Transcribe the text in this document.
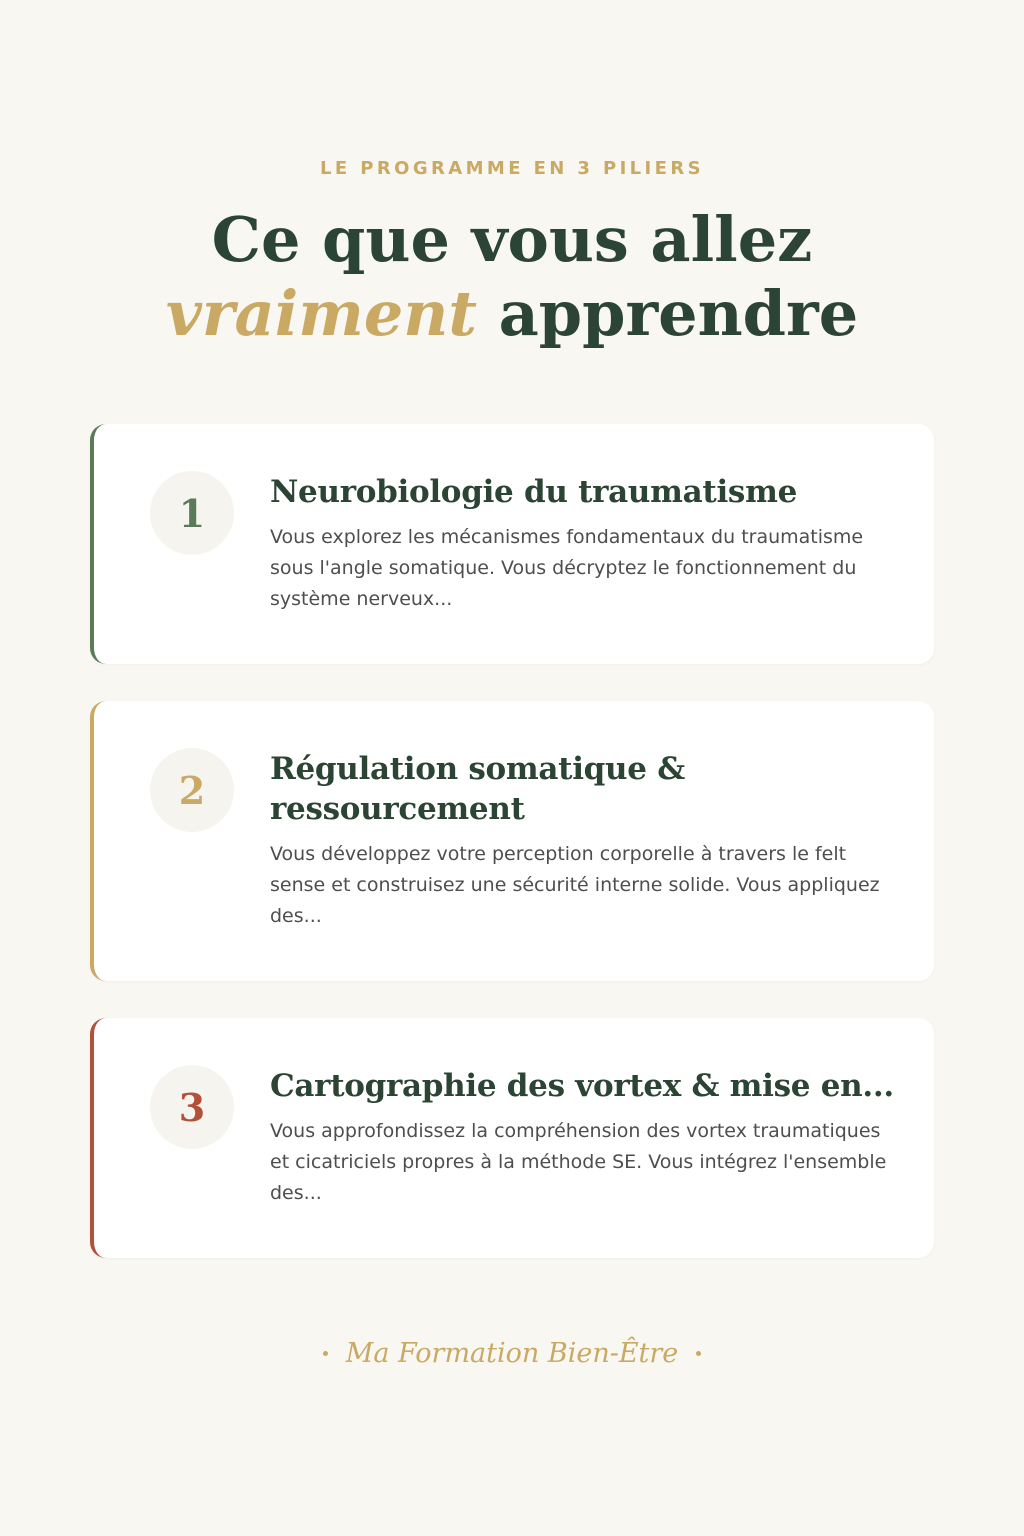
LE PROGRAMME EN 3 PILIERS
Ce que vous allez
vraiment apprendre
1	Neurobiologie du traumatisme
Vous explorez les mécanismes fondamentaux du traumatisme sous l'angle somatique. Vous décryptez le fonctionnement du système nerveux...
2	Régulation somatique & ressourcement
Vous développez votre perception corporelle à travers le felt sense et construisez une sécurité interne solide. Vous appliquez des...
3	Cartographie des vortex & mise en...
Vous approfondissez la compréhension des vortex traumatiques et cicatriciels propres à la méthode SE. Vous intégrez l'ensemble des...
Ma Formation Bien-Être
